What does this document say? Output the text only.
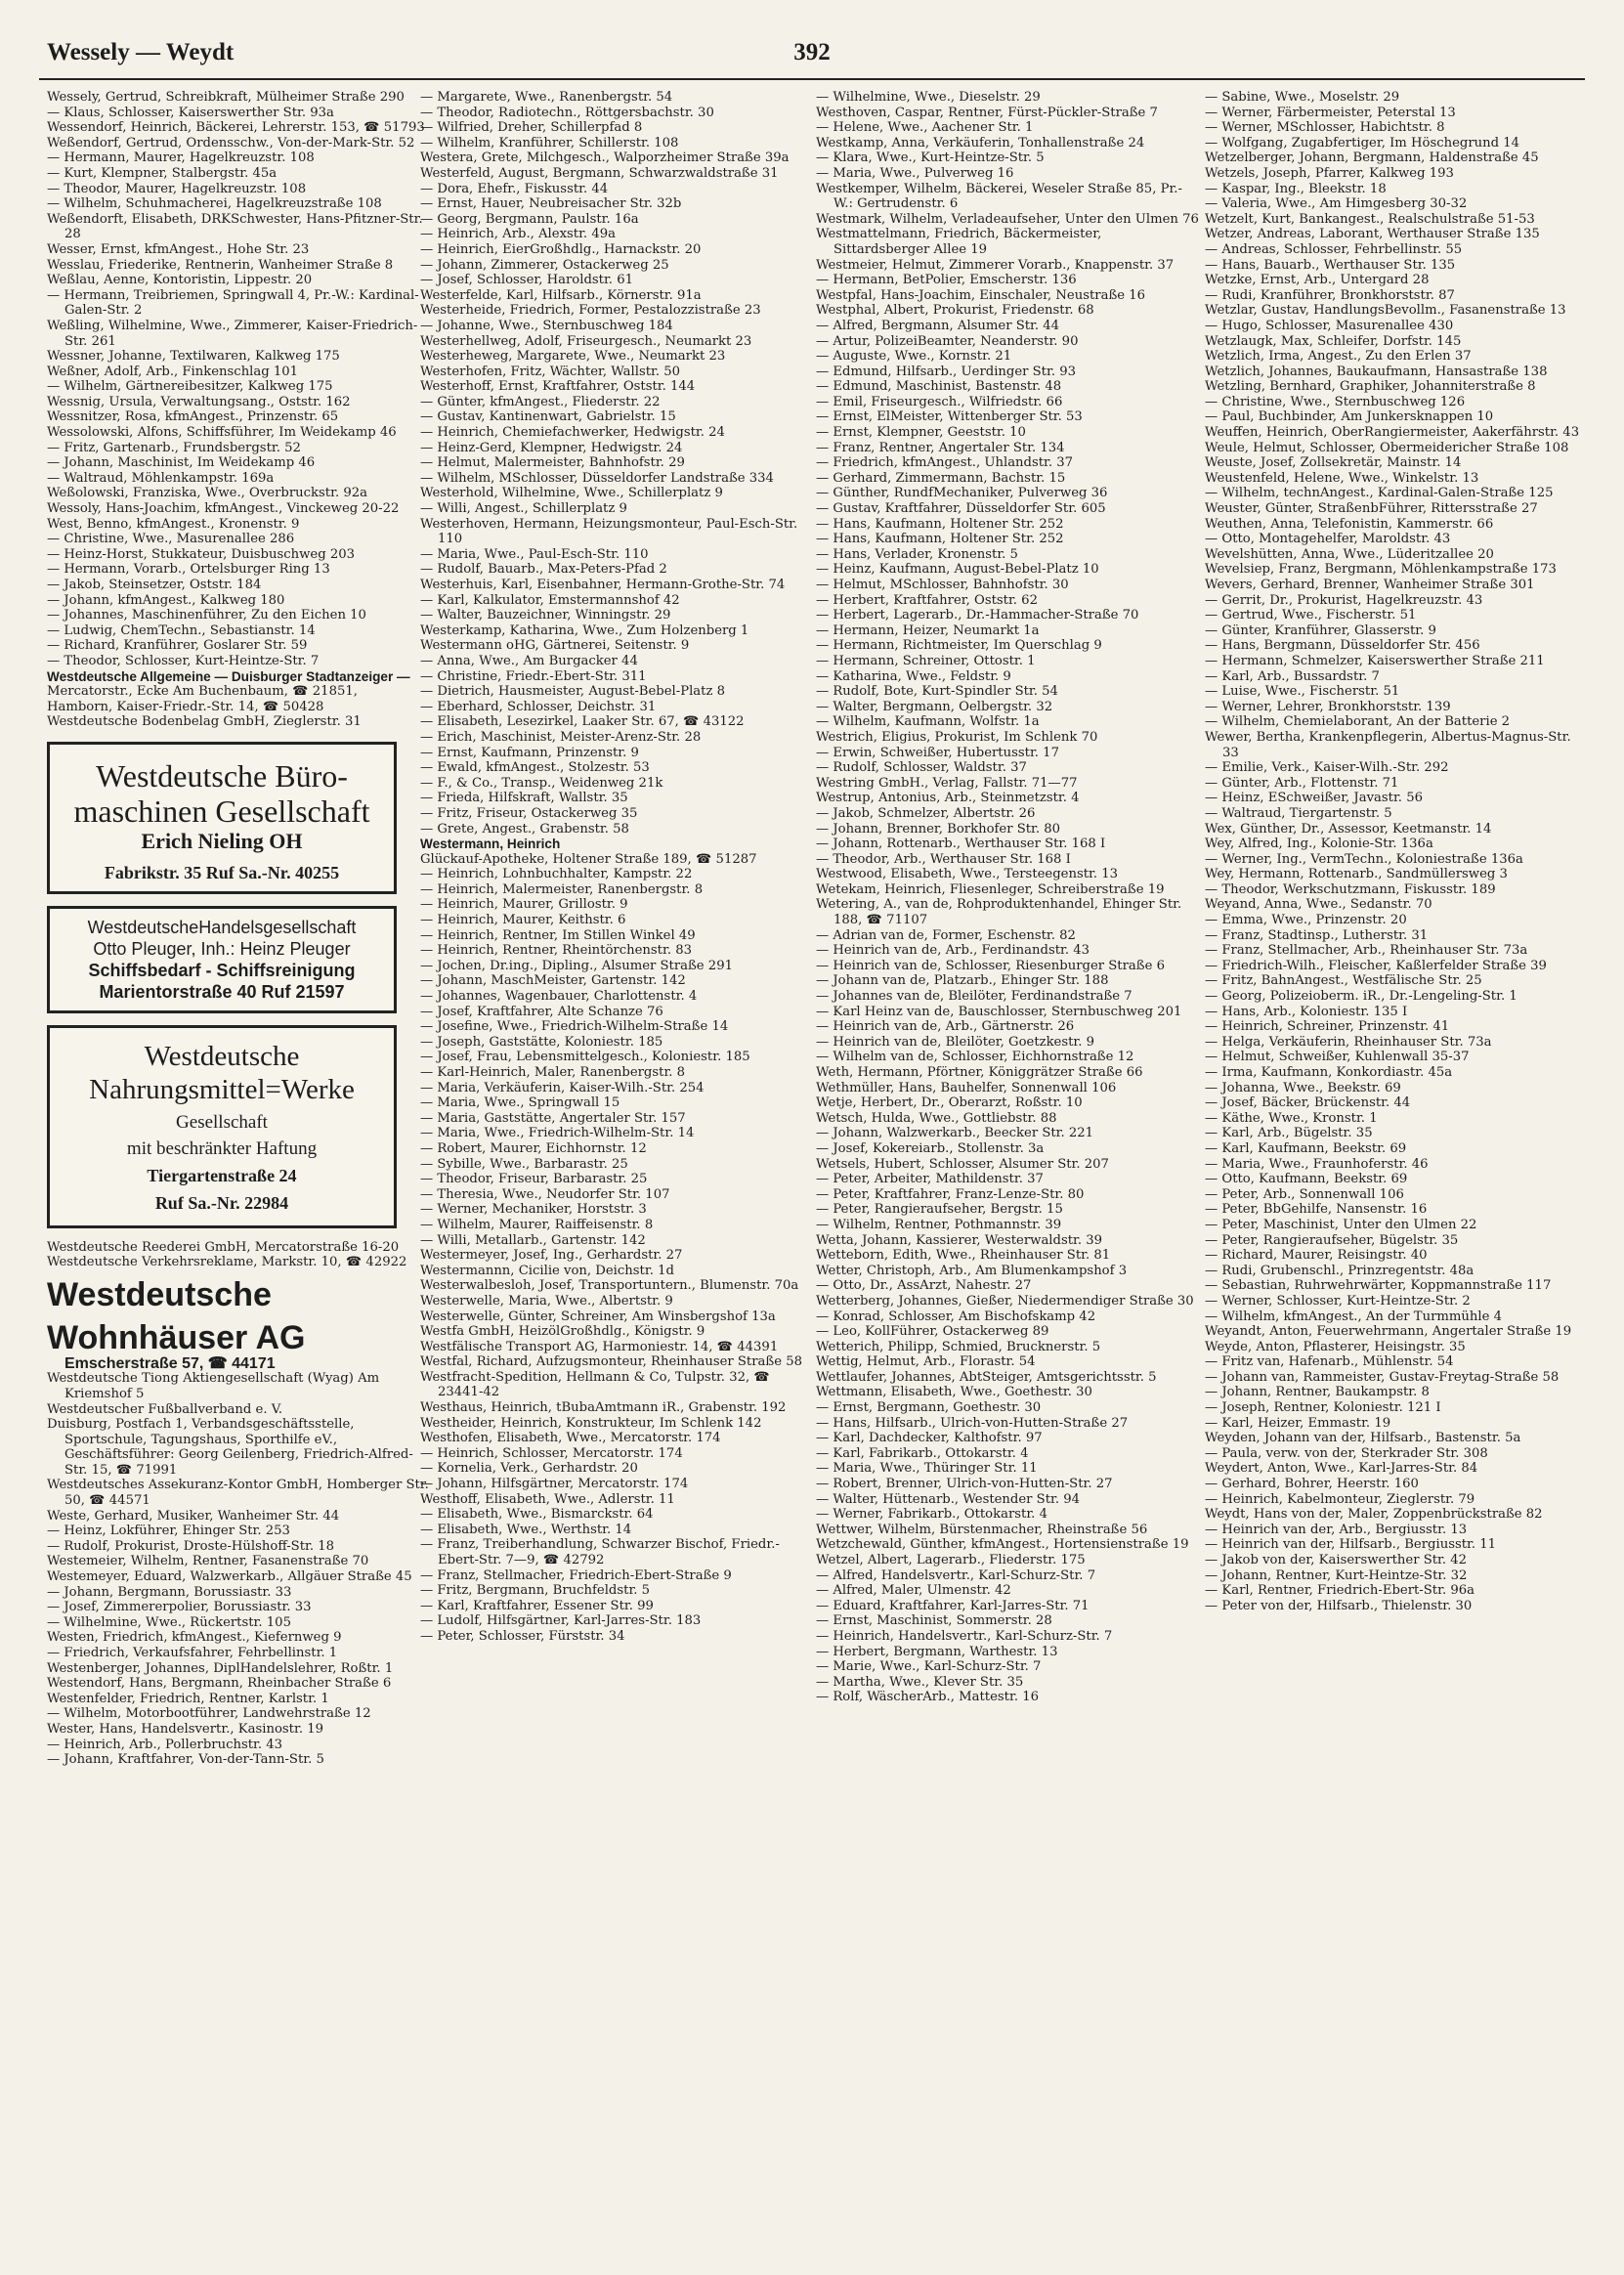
Wessely — Weydt	392
Wessely, Gertrud, Schreibkraft, Mülheimer Straße 290
— Klaus, Schlosser, Kaiserswerther Str. 93a
Wessendorf, Heinrich, Bäckerei, Lehrerstr. 153, ☎ 51793
Weßendorf, Gertrud, Ordensschw., Von-der-Mark-Str. 52
— Hermann, Maurer, Hagelkreuzstr. 108
— Kurt, Klempner, Stalbergstr. 45a
— Theodor, Maurer, Hagelkreuzstr. 108
— Wilhelm, Schuhmacherei, Hagelkreuzstraße 108
Weßendorft, Elisabeth, DRKSchwester, Hans-Pfitzner-Str. 28
Wesser, Ernst, kfmAngest., Hohe Str. 23
Wesslau, Friederike, Rentnerin, Wanheimer Straße 8
Weßlau, Aenne, Kontoristin, Lippestr. 20
— Hermann, Treibriemen, Springwall 4, Pr.-W.: Kardinal-Galen-Str. 2
Weßling, Wilhelmine, Wwe., Zimmerer, Kaiser-Friedrich-Str. 261
Wessner, Johanne, Textilwaren, Kalkweg 175
Weßner, Adolf, Arb., Finkenschlag 101
— Wilhelm, Gärtnereibesitzer, Kalkweg 175
Wessnig, Ursula, Verwaltungsang., Oststr. 162
Wessnitzer, Rosa, kfmAngest., Prinzenstr. 65
Wessolowski, Alfons, Schiffsführer, Im Weidekamp 46
— Fritz, Gartenarb., Frundsbergstr. 52
— Johann, Maschinist, Im Weidekamp 46
— Waltraud, Möhlenkampstr. 169a
Weßolowski, Franziska, Wwe., Overbruckstr. 92a
Wessoly, Hans-Joachim, kfmAngest., Vinckeweg 20-22
West, Benno, kfmAngest., Kronenstr. 9
— Christine, Wwe., Masurenallee 286
— Heinz-Horst, Stukkateur, Duisbuschweg 203
— Hermann, Vorarb., Ortelsburger Ring 13
— Jakob, Steinsetzer, Oststr. 184
— Johann, kfmAngest., Kalkweg 180
— Johannes, Maschinenführer, Zu den Eichen 10
— Ludwig, ChemTechn., Sebastianstr. 14
— Richard, Kranführer, Goslarer Str. 59
— Theodor, Schlosser, Kurt-Heintze-Str. 7
Westdeutsche Allgemeine — Duisburger Stadtanzeiger —
Mercatorstr., Ecke Am Buchenbaum, ☎ 21851,
Hamborn, Kaiser-Friedr.-Str. 14, ☎ 50428
Westdeutsche Bodenbelag GmbH, Zieglerstr. 31
Westdeutsche Büro-
maschinen Gesellschaft
Erich Nieling OH
Fabrikstr. 35 Ruf Sa.-Nr. 40255
WestdeutscheHandelsgesellschaft
Otto Pleuger, Inh.: Heinz Pleuger
Schiffsbedarf - Schiffsreinigung
Marientorstraße 40 Ruf 21597
Westdeutsche
Nahrungsmittel=Werke
Gesellschaft
mit beschränkter Haftung
Tiergartenstraße 24
Ruf Sa.-Nr. 22984
Westdeutsche Reederei GmbH, Mercatorstraße 16-20
Westdeutsche Verkehrsreklame, Markstr. 10, ☎ 42922
Westdeutsche
Wohnhäuser AG
Emscherstraße 57, ☎ 44171
Westdeutsche Tiong Aktiengesellschaft (Wyag) Am Kriemshof 5
Westdeutscher Fußballverband e. V.
Duisburg, Postfach 1, Verbandsgeschäftsstelle, Sportschule, Tagungshaus, Sporthilfe eV., Geschäftsführer: Georg Geilenberg, Friedrich-Alfred-Str. 15, ☎ 71991
Westdeutsches Assekuranz-Kontor GmbH, Homberger Str. 50, ☎ 44571
Weste, Gerhard, Musiker, Wanheimer Str. 44
— Heinz, Lokführer, Ehinger Str. 253
— Rudolf, Prokurist, Droste-Hülshoff-Str. 18
Westemeier, Wilhelm, Rentner, Fasanenstraße 70
Westemeyer, Eduard, Walzwerkarb., Allgäuer Straße 45
— Johann, Bergmann, Borussiastr. 33
— Josef, Zimmererpolier, Borussiastr. 33
— Wilhelmine, Wwe., Rückertstr. 105
Westen, Friedrich, kfmAngest., Kiefernweg 9
— Friedrich, Verkaufsfahrer, Fehrbellinstr. 1
Westenberger, Johannes, DiplHandelslehrer, Roßtr. 1
Westendorf, Hans, Bergmann, Rheinbacher Straße 6
Westenfelder, Friedrich, Rentner, Karlstr. 1
— Wilhelm, Motorbootführer, Landwehrstraße 12
Wester, Hans, Handelsvertr., Kasinostr. 19
— Heinrich, Arb., Pollerbruchstr. 43
— Johann, Kraftfahrer, Von-der-Tann-Str. 5
— Margarete, Wwe., Ranenbergstr. 54
— Theodor, Radiotechn., Röttgersbachstr. 30
— Wilfried, Dreher, Schillerpfad 8
— Wilhelm, Kranführer, Schillerstr. 108
Westera, Grete, Milchgesch., Walporzheimer Straße 39a
Westerfeld, August, Bergmann, Schwarzwaldstraße 31
— Dora, Ehefr., Fiskusstr. 44
— Ernst, Hauer, Neubreisacher Str. 32b
— Georg, Bergmann, Paulstr. 16a
— Heinrich, Arb., Alexstr. 49a
— Heinrich, EierGroßhdlg., Harnackstr. 20
— Johann, Zimmerer, Ostackerweg 25
— Josef, Schlosser, Haroldstr. 61
Westerfelde, Karl, Hilfsarb., Körnerstr. 91a
Westerheide, Friedrich, Former, Pestalozzistraße 23
— Johanne, Wwe., Sternbuschweg 184
Westerhellweg, Adolf, Friseurgesch., Neumarkt 23
Westerheweg, Margarete, Wwe., Neumarkt 23
Westerhofen, Fritz, Wächter, Wallstr. 50
Westerhoff, Ernst, Kraftfahrer, Oststr. 144
— Günter, kfmAngest., Fliederstr. 22
— Gustav, Kantinenwart, Gabrielstr. 15
— Heinrich, Chemiefachwerker, Hedwigstr. 24
— Heinz-Gerd, Klempner, Hedwigstr. 24
— Helmut, Malermeister, Bahnhofstr. 29
— Wilhelm, MSchlosser, Düsseldorfer Landstraße 334
Westerhold, Wilhelmine, Wwe., Schillerplatz 9
— Willi, Angest., Schillerplatz 9
Westerhoven, Hermann, Heizungsmonteur, Paul-Esch-Str. 110
— Maria, Wwe., Paul-Esch-Str. 110
— Rudolf, Bauarb., Max-Peters-Pfad 2
Westerhuis, Karl, Eisenbahner, Hermann-Grothe-Str. 74
— Karl, Kalkulator, Emstermannshof 42
— Walter, Bauzeichner, Winningstr. 29
Westerkamp, Katharina, Wwe., Zum Holzenberg 1
Westermann oHG, Gärtnerei, Seitenstr. 9
— Anna, Wwe., Am Burgacker 44
— Christine, Friedr.-Ebert-Str. 311
— Dietrich, Hausmeister, August-Bebel-Platz 8
— Eberhard, Schlosser, Deichstr. 31
— Elisabeth, Lesezirkel, Laaker Str. 67, ☎ 43122
— Erich, Maschinist, Meister-Arenz-Str. 28
— Ernst, Kaufmann, Prinzenstr. 9
— Ewald, kfmAngest., Stolzestr. 53
— F., & Co., Transp., Weidenweg 21k
— Frieda, Hilfskraft, Wallstr. 35
— Fritz, Friseur, Ostackerweg 35
— Grete, Angest., Grabenstr. 58
Westermann, Heinrich
Glückauf-Apotheke, Holtener Straße 189, ☎ 51287
— Heinrich, Lohnbuchhalter, Kampstr. 22
— Heinrich, Malermeister, Ranenbergstr. 8
— Heinrich, Maurer, Grillostr. 9
— Heinrich, Maurer, Keithstr. 6
— Heinrich, Rentner, Im Stillen Winkel 49
— Heinrich, Rentner, Rheintörchenstr. 83
— Jochen, Dr.ing., Dipling., Alsumer Straße 291
— Johann, MaschMeister, Gartenstr. 142
— Johannes, Wagenbauer, Charlottenstr. 4
— Josef, Kraftfahrer, Alte Schanze 76
— Josefine, Wwe., Friedrich-Wilhelm-Straße 14
— Joseph, Gaststätte, Koloniestr. 185
— Josef, Frau, Lebensmittelgesch., Koloniestr. 185
— Karl-Heinrich, Maler, Ranenbergstr. 8
— Maria, Verkäuferin, Kaiser-Wilh.-Str. 254
— Maria, Wwe., Springwall 15
— Maria, Gaststätte, Angertaler Str. 157
— Maria, Wwe., Friedrich-Wilhelm-Str. 14
— Robert, Maurer, Eichhornstr. 12
— Sybille, Wwe., Barbarastr. 25
— Theodor, Friseur, Barbarastr. 25
— Theresia, Wwe., Neudorfer Str. 107
— Werner, Mechaniker, Horststr. 3
— Wilhelm, Maurer, Raiffeisenstr. 8
— Willi, Metallarb., Gartenstr. 142
Westermeyer, Josef, Ing., Gerhardstr. 27
Westermannn, Cicilie von, Deichstr. 1d
Westerwalbesloh, Josef, Transportuntern., Blumenstr. 70a
Westerwelle, Maria, Wwe., Albertstr. 9
Westerwelle, Günter, Schreiner, Am Winsbergshof 13a
Westfa GmbH, HeizölGroßhdlg., Königstr. 9
Westfälische Transport AG, Harmoniestr. 14, ☎ 44391
Westfal, Richard, Aufzugsmonteur, Rheinhauser Straße 58
Westfracht-Spedition, Hellmann & Co, Tulpstr. 32, ☎ 23441-42
Westhaus, Heinrich, tBubaAmtmann iR., Grabenstr. 192
Westheider, Heinrich, Konstrukteur, Im Schlenk 142
Westhofen, Elisabeth, Wwe., Mercatorstr. 174
— Heinrich, Schlosser, Mercatorstr. 174
— Kornelia, Verk., Gerhardstr. 20
— Johann, Hilfsgärtner, Mercatorstr. 174
Westhoff, Elisabeth, Wwe., Adlerstr. 11
— Elisabeth, Wwe., Bismarckstr. 64
— Elisabeth, Wwe., Werthstr. 14
— Franz, Treiberhandlung, Schwarzer Bischof, Friedr.-Ebert-Str. 7—9, ☎ 42792
— Franz, Stellmacher, Friedrich-Ebert-Straße 9
— Fritz, Bergmann, Bruchfeldstr. 5
— Karl, Kraftfahrer, Essener Str. 99
— Ludolf, Hilfsgärtner, Karl-Jarres-Str. 183
— Peter, Schlosser, Fürststr. 34
— Wilhelmine, Wwe., Dieselstr. 29
Westhoven, Caspar, Rentner, Fürst-Pückler-Straße 7
— Helene, Wwe., Aachener Str. 1
Westkamp, Anna, Verkäuferin, Tonhallenstraße 24
— Klara, Wwe., Kurt-Heintze-Str. 5
— Maria, Wwe., Pulverweg 16
Westkemper, Wilhelm, Bäckerei, Weseler Straße 85, Pr.-W.: Gertrudenstr. 6
Westmark, Wilhelm, Verladeaufseher, Unter den Ulmen 76
Westmattelmann, Friedrich, Bäckermeister, Sittardsberger Allee 19
Westmeier, Helmut, Zimmerer Vorarb., Knappenstr. 37
— Hermann, BetPolier, Emscherstr. 136
Westpfal, Hans-Joachim, Einschaler, Neustraße 16
Westphal, Albert, Prokurist, Friedenstr. 68
— Alfred, Bergmann, Alsumer Str. 44
— Artur, PolizeiBeamter, Neanderstr. 90
— Auguste, Wwe., Kornstr. 21
— Edmund, Hilfsarb., Uerdinger Str. 93
— Edmund, Maschinist, Bastenstr. 48
— Emil, Friseurgesch., Wilfriedstr. 66
— Ernst, ElMeister, Wittenberger Str. 53
— Ernst, Klempner, Geeststr. 10
— Franz, Rentner, Angertaler Str. 134
— Friedrich, kfmAngest., Uhlandstr. 37
— Gerhard, Zimmermann, Bachstr. 15
— Günther, RundfMechaniker, Pulverweg 36
— Gustav, Kraftfahrer, Düsseldorfer Str. 605
— Hans, Kaufmann, Holtener Str. 252
— Hans, Kaufmann, Holtener Str. 252
— Hans, Verlader, Kronenstr. 5
— Heinz, Kaufmann, August-Bebel-Platz 10
— Helmut, MSchlosser, Bahnhofstr. 30
— Herbert, Kraftfahrer, Oststr. 62
— Herbert, Lagerarb., Dr.-Hammacher-Straße 70
— Hermann, Heizer, Neumarkt 1a
— Hermann, Richtmeister, Im Querschlag 9
— Hermann, Schreiner, Ottostr. 1
— Katharina, Wwe., Feldstr. 9
— Rudolf, Bote, Kurt-Spindler Str. 54
— Walter, Bergmann, Oelbergstr. 32
— Wilhelm, Kaufmann, Wolfstr. 1a
Westrich, Eligius, Prokurist, Im Schlenk 70
— Erwin, Schweißer, Hubertusstr. 17
— Rudolf, Schlosser, Waldstr. 37
Westring GmbH., Verlag, Fallstr. 71—77
Westrup, Antonius, Arb., Steinmetzstr. 4
— Jakob, Schmelzer, Albertstr. 26
— Johann, Brenner, Borkhofer Str. 80
— Johann, Rottenarb., Werthauser Str. 168 I
— Theodor, Arb., Werthauser Str. 168 I
Westwood, Elisabeth, Wwe., Tersteegenstr. 13
Wetekam, Heinrich, Fliesenleger, Schreiberstraße 19
Wetering, A., van de, Rohproduktenhandel, Ehinger Str. 188, ☎ 71107
— Adrian van de, Former, Eschenstr. 82
— Heinrich van de, Arb., Ferdinandstr. 43
— Heinrich van de, Schlosser, Riesenburger Straße 6
— Johann van de, Platzarb., Ehinger Str. 188
— Johannes van de, Bleilöter, Ferdinandstraße 7
— Karl Heinz van de, Bauschlosser, Sternbuschweg 201
— Heinrich van de, Arb., Gärtnerstr. 26
— Heinrich van de, Bleilöter, Goetzkestr. 9
— Wilhelm van de, Schlosser, Eichhornstraße 12
Weth, Hermann, Pförtner, Königgrätzer Straße 66
Wethmüller, Hans, Bauhelfer, Sonnenwall 106
Wetje, Herbert, Dr., Oberarzt, Roßstr. 10
Wetsch, Hulda, Wwe., Gottliebstr. 88
— Johann, Walzwerkarb., Beecker Str. 221
— Josef, Kokereiarb., Stollenstr. 3a
Wetsels, Hubert, Schlosser, Alsumer Str. 207
— Peter, Arbeiter, Mathildenstr. 37
— Peter, Kraftfahrer, Franz-Lenze-Str. 80
— Peter, Rangieraufseher, Bergstr. 15
— Wilhelm, Rentner, Pothmannstr. 39
Wetta, Johann, Kassierer, Westerwaldstr. 39
Wetteborn, Edith, Wwe., Rheinhauser Str. 81
Wetter, Christoph, Arb., Am Blumenkampshof 3
— Otto, Dr., AssArzt, Nahestr. 27
Wetterberg, Johannes, Gießer, Niedermendiger Straße 30
— Konrad, Schlosser, Am Bischofskamp 42
— Leo, KollFührer, Ostackerweg 89
Wetterich, Philipp, Schmied, Brucknerstr. 5
Wettig, Helmut, Arb., Florastr. 54
Wettlaufer, Johannes, AbtSteiger, Amtsgerichtsstr. 5
Wettmann, Elisabeth, Wwe., Goethestr. 30
— Ernst, Bergmann, Goethestr. 30
— Hans, Hilfsarb., Ulrich-von-Hutten-Straße 27
— Karl, Dachdecker, Kalthofstr. 97
— Karl, Fabrikarb., Ottokarstr. 4
— Maria, Wwe., Thüringer Str. 11
— Robert, Brenner, Ulrich-von-Hutten-Str. 27
— Walter, Hüttenarb., Westender Str. 94
— Werner, Fabrikarb., Ottokarstr. 4
Wettwer, Wilhelm, Bürstenmacher, Rheinstraße 56
Wetzchewald, Günther, kfmAngest., Hortensienstraße 19
Wetzel, Albert, Lagerarb., Fliederstr. 175
— Alfred, Handelsvertr., Karl-Schurz-Str. 7
— Alfred, Maler, Ulmenstr. 42
— Eduard, Kraftfahrer, Karl-Jarres-Str. 71
— Ernst, Maschinist, Sommerstr. 28
— Heinrich, Handelsvertr., Karl-Schurz-Str. 7
— Herbert, Bergmann, Warthestr. 13
— Marie, Wwe., Karl-Schurz-Str. 7
— Martha, Wwe., Klever Str. 35
— Rolf, WäscherArb., Mattestr. 16
— Sabine, Wwe., Moselstr. 29
— Werner, Färbermeister, Peterstal 13
— Werner, MSchlosser, Habichtstr. 8
— Wolfgang, Zugabfertiger, Im Höschegrund 14
Wetzelberger, Johann, Bergmann, Haldenstraße 45
Wetzels, Joseph, Pfarrer, Kalkweg 193
— Kaspar, Ing., Bleekstr. 18
— Valeria, Wwe., Am Himgesberg 30-32
Wetzelt, Kurt, Bankangest., Realschulstraße 51-53
Wetzer, Andreas, Laborant, Werthauser Straße 135
— Andreas, Schlosser, Fehrbellinstr. 55
— Hans, Bauarb., Werthauser Str. 135
Wetzke, Ernst, Arb., Untergard 28
— Rudi, Kranführer, Bronkhorststr. 87
Wetzlar, Gustav, HandlungsBevollm., Fasanenstraße 13
— Hugo, Schlosser, Masurenallee 430
Wetzlaugk, Max, Schleifer, Dorfstr. 145
Wetzlich, Irma, Angest., Zu den Erlen 37
Wetzlich, Johannes, Baukaufmann, Hansastraße 138
Wetzling, Bernhard, Graphiker, Johanniterstraße 8
— Christine, Wwe., Sternbuschweg 126
— Paul, Buchbinder, Am Junkersknappen 10
Weuffen, Heinrich, OberRangiermeister, Aakerfährstr. 43
Weule, Helmut, Schlosser, Obermeidericher Straße 108
Weuste, Josef, Zollsekretär, Mainstr. 14
Weustenfeld, Helene, Wwe., Winkelstr. 13
— Wilhelm, technAngest., Kardinal-Galen-Straße 125
Weuster, Günter, StraßenbFührer, Rittersstraße 27
Weuthen, Anna, Telefonistin, Kammerstr. 66
— Otto, Montagehelfer, Maroldstr. 43
Wevelshütten, Anna, Wwe., Lüderitzallee 20
Wevelsiep, Franz, Bergmann, Möhlenkampstraße 173
Wevers, Gerhard, Brenner, Wanheimer Straße 301
— Gerrit, Dr., Prokurist, Hagelkreuzstr. 43
— Gertrud, Wwe., Fischerstr. 51
— Günter, Kranführer, Glasserstr. 9
— Hans, Bergmann, Düsseldorfer Str. 456
— Hermann, Schmelzer, Kaiserswerther Straße 211
— Karl, Arb., Bussardstr. 7
— Luise, Wwe., Fischerstr. 51
— Werner, Lehrer, Bronkhorststr. 139
— Wilhelm, Chemielaborant, An der Batterie 2
Wewer, Bertha, Krankenpflegerin, Albertus-Magnus-Str. 33
— Emilie, Verk., Kaiser-Wilh.-Str. 292
— Günter, Arb., Flottenstr. 71
— Heinz, ESchweißer, Javastr. 56
— Waltraud, Tiergartenstr. 5
Wex, Günther, Dr., Assessor, Keetmanstr. 14
Wey, Alfred, Ing., Kolonie-Str. 136a
— Werner, Ing., VermTechn., Koloniestraße 136a
Wey, Hermann, Rottenarb., Sandmüllersweg 3
— Theodor, Werkschutzmann, Fiskusstr. 189
Weyand, Anna, Wwe., Sedanstr. 70
— Emma, Wwe., Prinzenstr. 20
— Franz, Stadtinsp., Lutherstr. 31
— Franz, Stellmacher, Arb., Rheinhauser Str. 73a
— Friedrich-Wilh., Fleischer, Kaßlerfelder Straße 39
— Fritz, BahnAngest., Westfälische Str. 25
— Georg, Polizeioberm. iR., Dr.-Lengeling-Str. 1
— Hans, Arb., Koloniestr. 135 I
— Heinrich, Schreiner, Prinzenstr. 41
— Helga, Verkäuferin, Rheinhauser Str. 73a
— Helmut, Schweißer, Kuhlenwall 35-37
— Irma, Kaufmann, Konkordiastr. 45a
— Johanna, Wwe., Beekstr. 69
— Josef, Bäcker, Brückenstr. 44
— Käthe, Wwe., Kronstr. 1
— Karl, Arb., Bügelstr. 35
— Karl, Kaufmann, Beekstr. 69
— Maria, Wwe., Fraunhoferstr. 46
— Otto, Kaufmann, Beekstr. 69
— Peter, Arb., Sonnenwall 106
— Peter, BbGehilfe, Nansenstr. 16
— Peter, Maschinist, Unter den Ulmen 22
— Peter, Rangieraufseher, Bügelstr. 35
— Richard, Maurer, Reisingstr. 40
— Rudi, Grubenschl., Prinzregentstr. 48a
— Sebastian, Ruhrwehrwärter, Koppmannstraße 117
— Werner, Schlosser, Kurt-Heintze-Str. 2
— Wilhelm, kfmAngest., An der Turmmühle 4
Weyandt, Anton, Feuerwehrmann, Angertaler Straße 19
Weyde, Anton, Pflasterer, Heisingstr. 35
— Fritz van, Hafenarb., Mühlenstr. 54
— Johann van, Rammeister, Gustav-Freytag-Straße 58
— Johann, Rentner, Baukampstr. 8
— Joseph, Rentner, Koloniestr. 121 I
— Karl, Heizer, Emmastr. 19
Weyden, Johann van der, Hilfsarb., Bastenstr. 5a
— Paula, verw. von der, Sterkrader Str. 308
Weydert, Anton, Wwe., Karl-Jarres-Str. 84
— Gerhard, Bohrer, Heerstr. 160
— Heinrich, Kabelmonteur, Zieglerstr. 79
Weydt, Hans von der, Maler, Zoppenbrückstraße 82
— Heinrich van der, Arb., Bergiusstr. 13
— Heinrich van der, Hilfsarb., Bergiusstr. 11
— Jakob von der, Kaiserswerther Str. 42
— Johann, Rentner, Kurt-Heintze-Str. 32
— Karl, Rentner, Friedrich-Ebert-Str. 96a
— Peter von der, Hilfsarb., Thielenstr. 30
